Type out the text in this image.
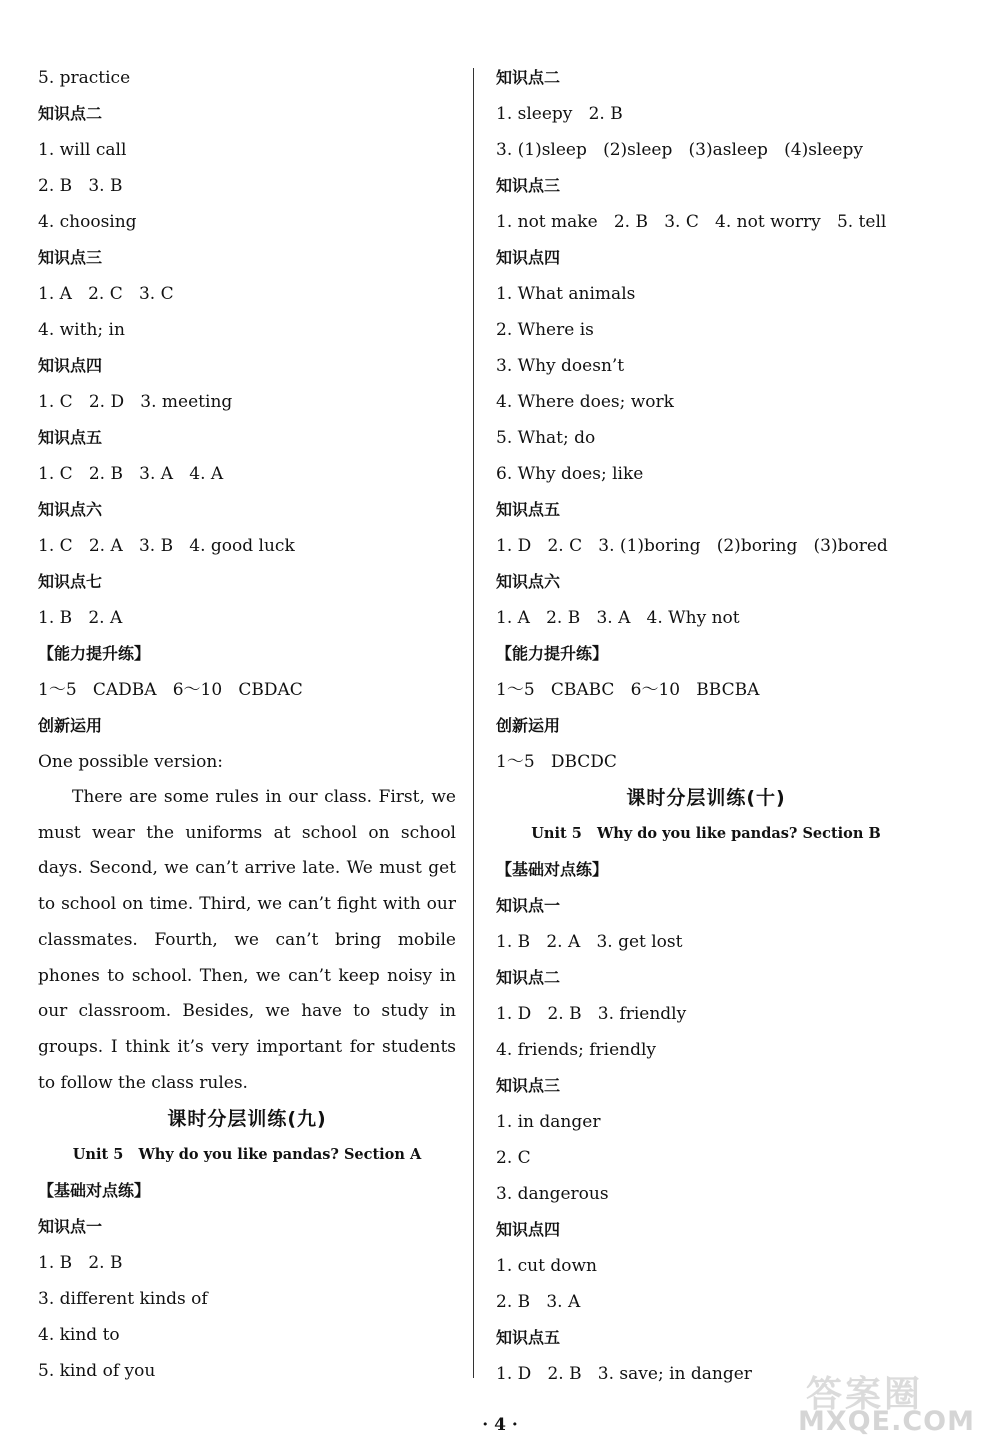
5. practice
知识点二
1. will call
2. B   3. B
4. choosing
知识点三
1. A   2. C   3. C
4. with; in
知识点四
1. C   2. D   3. meeting
知识点五
1. C   2. B   3. A   4. A
知识点六
1. C   2. A   3. B   4. good luck
知识点七
1. B   2. A
【能力提升练】
1～5   CADBA   6～10   CBDAC
创新运用
One possible version:

There are some rules in our class. First, we must wear the uniforms at school on school days. Second, we can’t arrive late. We must get to school on time. Third, we can’t fight with our classmates. Fourth, we can’t bring mobile phones to school. Then, we can’t keep noisy in our classroom. Besides, we have to study in groups. I think it’s very important for students to follow the class rules.

课时分层训练(九)
Unit 5   Why do you like pandas? Section A
【基础对点练】
知识点一
1. B   2. B
3. different kinds of
4. kind to
5. kind of you
知识点二
1. sleepy   2. B
3. (1)sleep   (2)sleep   (3)asleep   (4)sleepy
知识点三
1. not make   2. B   3. C   4. not worry   5. tell
知识点四
1. What animals
2. Where is
3. Why doesn’t
4. Where does; work
5. What; do
6. Why does; like
知识点五
1. D   2. C   3. (1)boring   (2)boring   (3)bored
知识点六
1. A   2. B   3. A   4. Why not
【能力提升练】
1～5   CBABC   6～10   BBCBA
创新运用
1～5   DBCDC
课时分层训练(十)
Unit 5   Why do you like pandas? Section B
【基础对点练】
知识点一
1. B   2. A   3. get lost
知识点二
1. D   2. B   3. friendly
4. friends; friendly
知识点三
1. in danger
2. C
3. dangerous
知识点四
1. cut down
2. B   3. A
知识点五
1. D   2. B   3. save; in danger
· 4 ·
答案圈
MXQE.COM
